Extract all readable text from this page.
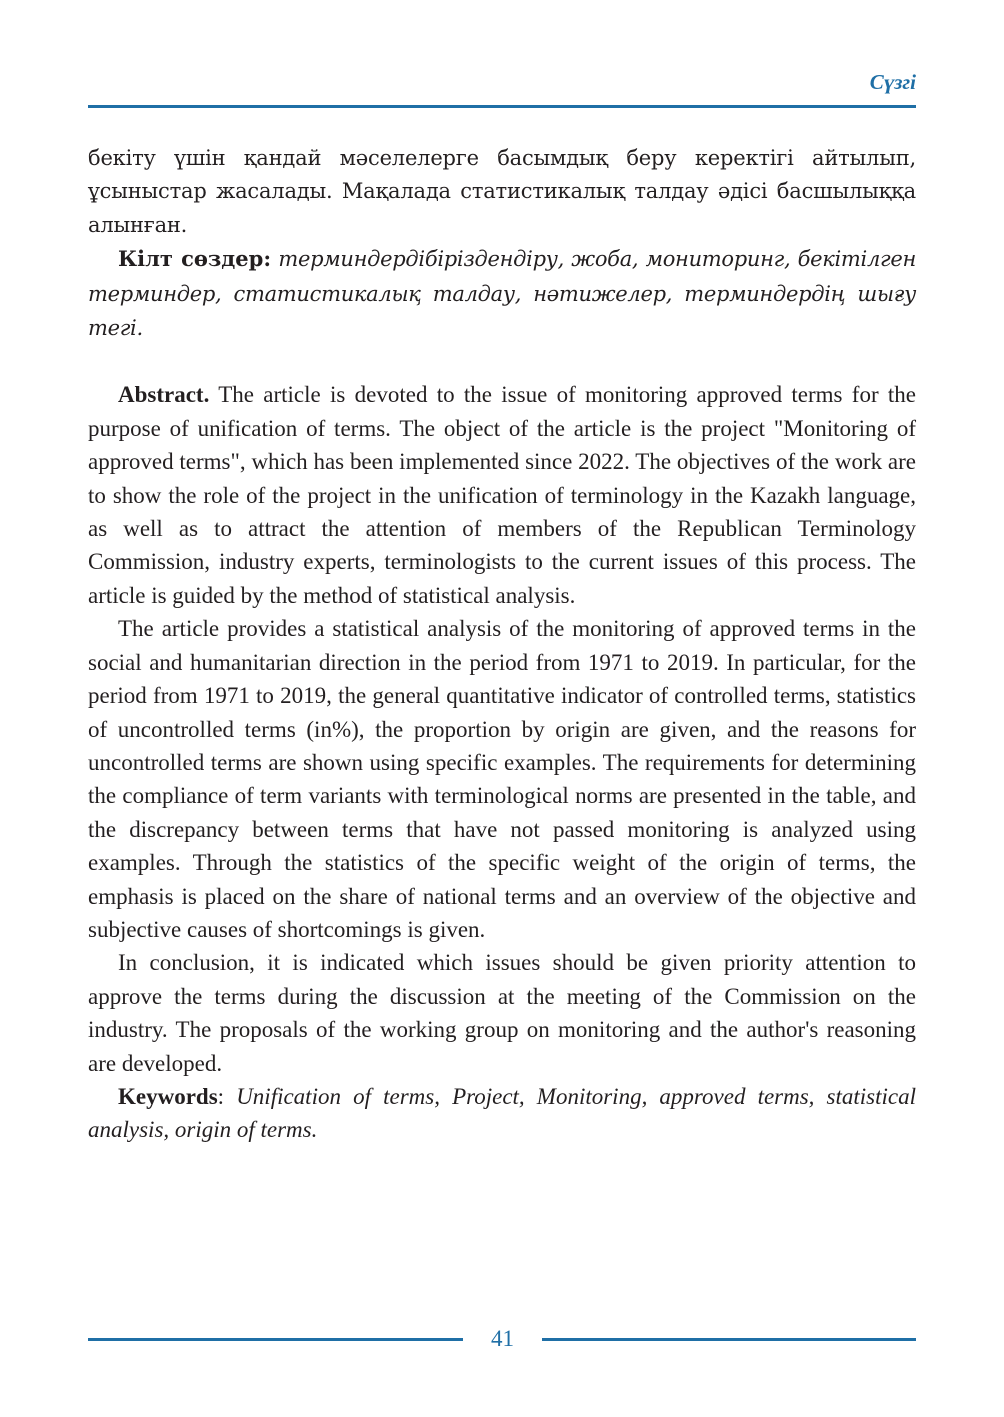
Сүзгі

бекіту үшін қандай мәселелерге басымдық беру керектігі айтылып, ұсыныстар жасалады. Мақалада статистикалық талдау әдісі басшылыққа алынған.

Кілт сөздер: терминдердібіріздендіру, жоба, мониторинг, бекітілген терминдер, статистикалық талдау, нәтижелер, терминдердің шығу тегі.

Abstract. The article is devoted to the issue of monitoring approved terms for the purpose of unification of terms. The object of the article is the project "Monitoring of approved terms", which has been implemented since 2022. The objectives of the work are to show the role of the project in the unification of terminology in the Kazakh language, as well as to attract the attention of members of the Republican Terminology Commission, industry experts, terminologists to the current issues of this process. The article is guided by the method of statistical analysis.

The article provides a statistical analysis of the monitoring of approved terms in the social and humanitarian direction in the period from 1971 to 2019. In particular, for the period from 1971 to 2019, the general quantitative indicator of controlled terms, statistics of uncontrolled terms (in%), the proportion by origin are given, and the reasons for uncontrolled terms are shown using specific examples. The requirements for determining the compliance of term variants with terminological norms are presented in the table, and the discrepancy between terms that have not passed monitoring is analyzed using examples. Through the statistics of the specific weight of the origin of terms, the emphasis is placed on the share of national terms and an overview of the objective and subjective causes of shortcomings is given.

In conclusion, it is indicated which issues should be given priority attention to approve the terms during the discussion at the meeting of the Commission on the industry. The proposals of the working group on monitoring and the author's reasoning are developed.

Keywords: Unification of terms, Project, Monitoring, approved terms, statistical analysis, origin of terms.

41
